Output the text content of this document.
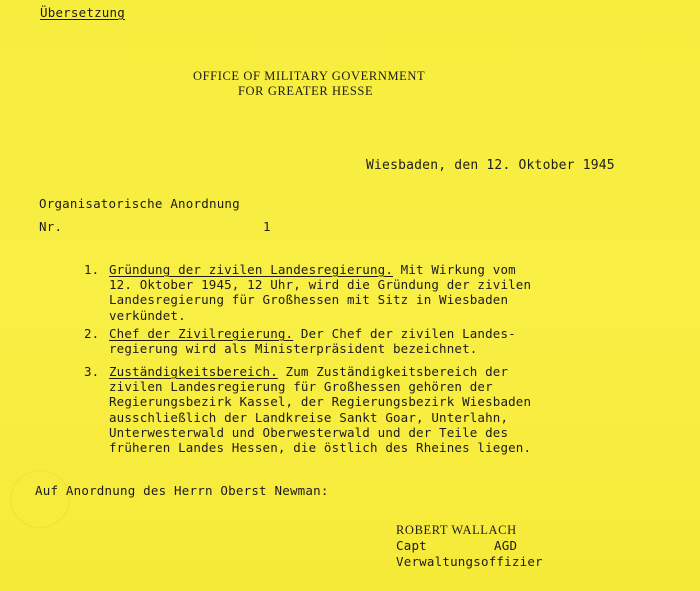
Übersetzung
OFFICE OF MILITARY GOVERNMENT
FOR GREATER HESSE
Wiesbaden, den 12. Oktober 1945
Organisatorische Anordnung
Nr.	1
1. Gründung der zivilen Landesregierung. Mit Wirkung vom
12. Oktober 1945, 12 Uhr, wird die Gründung der zivilen
Landesregierung für Großhessen mit Sitz in Wiesbaden
verkündet.
2. Chef der Zivilregierung. Der Chef der zivilen Landes-
regierung wird als Ministerpräsident bezeichnet.
3. Zuständigkeitsbereich. Zum Zuständigkeitsbereich der
zivilen Landesregierung für Großhessen gehören der
Regierungsbezirk Kassel, der Regierungsbezirk Wiesbaden
ausschließlich der Landkreise Sankt Goar, Unterlahn,
Unterwesterwald und Oberwesterwald und der Teile des
früheren Landes Hessen, die östlich des Rheines liegen.
Auf Anordnung des Herrn Oberst Newman:
ROBERT WALLACH
Capt	AGD
Verwaltungsoffizier
